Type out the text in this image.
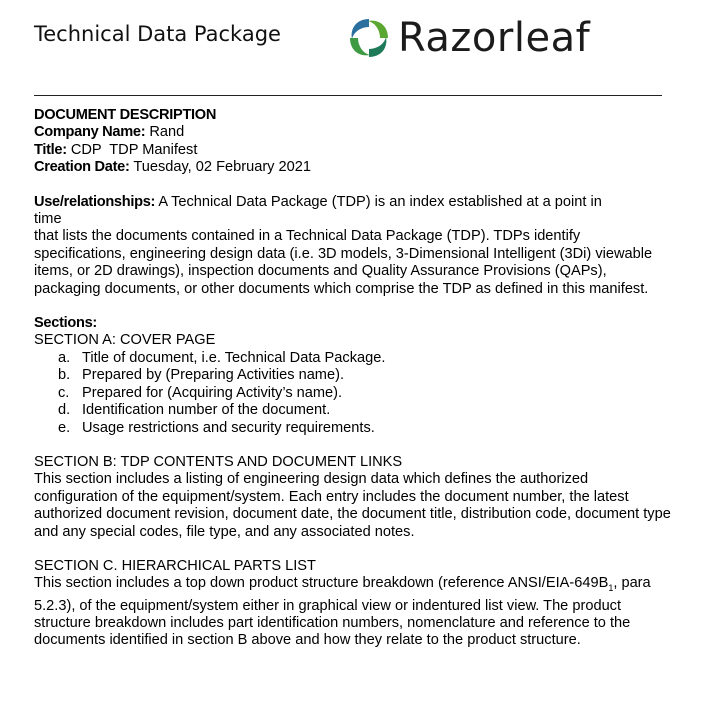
Technical Data Package	Razorleaf
DOCUMENT DESCRIPTION
Company Name: Rand
Title: CDP  TDP Manifest
Creation Date: Tuesday, 02 February 2021
Use/relationships: A Technical Data Package (TDP) is an index established at a point in
time
that lists the documents contained in a Technical Data Package (TDP). TDPs identify specifications, engineering design data (i.e. 3D models, 3-Dimensional Intelligent (3Di) viewable items, or 2D drawings), inspection documents and Quality Assurance Provisions (QAPs), packaging documents, or other documents which comprise the TDP as defined in this manifest.
Sections:
SECTION A: COVER PAGE
a. Title of document, i.e. Technical Data Package.
b. Prepared by (Preparing Activities name).
c. Prepared for (Acquiring Activity’s name).
d. Identification number of the document.
e. Usage restrictions and security requirements.
SECTION B: TDP CONTENTS AND DOCUMENT LINKS
This section includes a listing of engineering design data which defines the authorized configuration of the equipment/system. Each entry includes the document number, the latest authorized document revision, document date, the document title, distribution code, document type and any special codes, file type, and any associated notes.
SECTION C. HIERARCHICAL PARTS LIST
This section includes a top down product structure breakdown (reference ANSI/$EIA-649B_1$, para 5.2.3), of the equipment/system either in graphical view or indentured list view. The product structure breakdown includes part identification numbers, nomenclature and reference to the documents identified in section B above and how they relate to the product structure.
